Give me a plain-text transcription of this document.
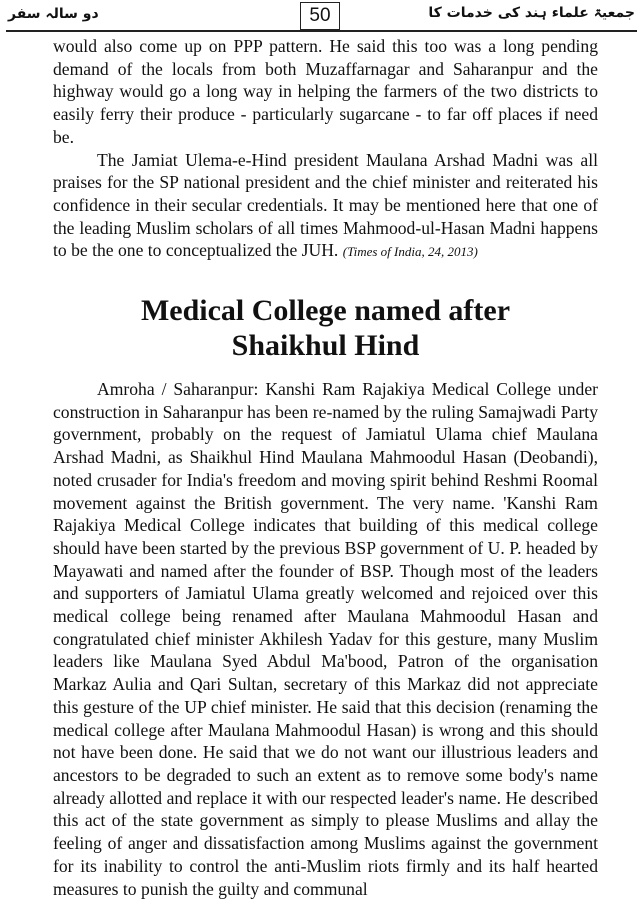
دو سالہ سفر	50	جمعیۃ علماء ہند کی خدمات کا

would also come up on PPP pattern. He said this too was a long pending demand of the locals from both Muzaffarnagar and Saharanpur and the highway would go a long way in helping the farmers of the two districts to easily ferry their produce - particularly sugarcane - to far off places if need be.

The Jamiat Ulema-e-Hind president Maulana Arshad Madni was all praises for the SP national president and the chief minister and reiterated his confidence in their secular credentials. It may be mentioned here that one of the leading Muslim scholars of all times Mahmood-ul-Hasan Madni happens to be the one to conceptualized the JUH. (Times of India, 24, 2013)

Medical College named after
Shaikhul Hind

Amroha / Saharanpur: Kanshi Ram Rajakiya Medical College under construction in Saharanpur has been re-named by the ruling Samajwadi Party government, probably on the request of Jamiatul Ulama chief Maulana Arshad Madni, as Shaikhul Hind Maulana Mahmoodul Hasan (Deobandi), noted crusader for India's freedom and moving spirit behind Reshmi Roomal movement against the British government. The very name. 'Kanshi Ram Rajakiya Medical College indicates that building of this medical college should have been started by the previous BSP government of U. P. headed by Mayawati and named after the founder of BSP. Though most of the leaders and supporters of Jamiatul Ulama greatly welcomed and rejoiced over this medical college being renamed after Maulana Mahmoodul Hasan and congratulated chief minister Akhilesh Yadav for this gesture, many Muslim leaders like Maulana Syed Abdul Ma'bood, Patron of the organisation Markaz Aulia and Qari Sultan, secretary of this Markaz did not appreciate this gesture of the UP chief minister. He said that this decision (renaming the medical college after Maulana Mahmoodul Hasan) is wrong and this should not have been done. He said that we do not want our illustrious leaders and ancestors to be degraded to such an extent as to remove some body's name already allotted and replace it with our respected leader's name. He described this act of the state government as simply to please Muslims and allay the feeling of anger and dissatisfaction among Muslims against the government for its inability to control the anti-Muslim riots firmly and its half hearted measures to punish the guilty and communal
